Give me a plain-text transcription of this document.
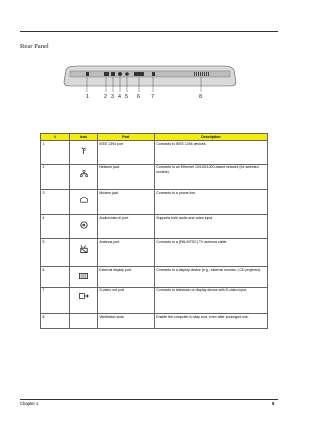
Rear Panel
1	2 3 4 5 6 7	8
#	Icon	Port	Description
1		IEEE 1394 port	Connects to IEEE 1394 devices.
2		Network jack	Connects to an Ethernet 10/100/1000-based network (for selected models).
3		Modem jack	Connects to a phone line.
4		Audio/video in port	Supports both audio and video input.
5		Antenna port	Connects to a (PAL/NTSC) TV antenna cable.
6		External display port	Connects to a display device (e.g., external monitor, LCD projector).
7		S-video out port	Connects to television or display device with S-video input.
8		Ventilation slots	Enable the computer to stay cool, even after prolonged use.
Chapter 1	9
